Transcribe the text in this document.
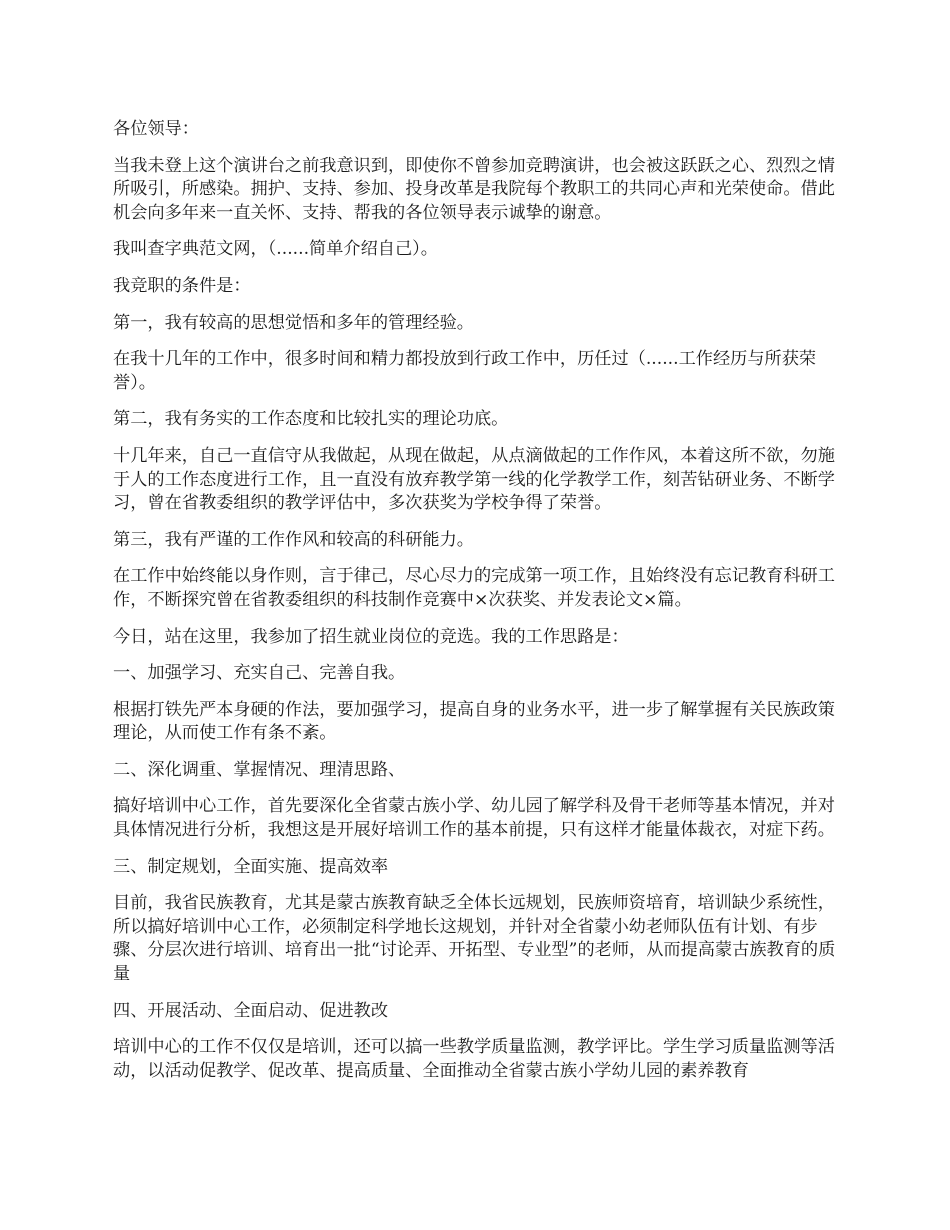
各位领导：

当我未登上这个演讲台之前我意识到，即使你不曾参加竞聘演讲，也会被这跃跃之心、烈烈之情所吸引，所感染。拥护、支持、参加、投身改革是我院每个教职工的共同心声和光荣使命。借此机会向多年来一直关怀、支持、帮我的各位领导表示诚挚的谢意。

我叫查字典范文网，（......简单介绍自己）。

我竞职的条件是：

第一，我有较高的思想觉悟和多年的管理经验。

在我十几年的工作中，很多时间和精力都投放到行政工作中，历任过（......工作经历与所获荣誉）。

第二，我有务实的工作态度和比较扎实的理论功底。

十几年来，自己一直信守从我做起，从现在做起，从点滴做起的工作作风，本着这所不欲，勿施于人的工作态度进行工作，且一直没有放弃教学第一线的化学教学工作，刻苦钻研业务、不断学习，曾在省教委组织的教学评估中，多次获奖为学校争得了荣誉。

第三，我有严谨的工作作风和较高的科研能力。

在工作中始终能以身作则，言于律己，尽心尽力的完成第一项工作，且始终没有忘记教育科研工作，不断探究曾在省教委组织的科技制作竞赛中×次获奖、并发表论文×篇。

今日，站在这里，我参加了招生就业岗位的竞选。我的工作思路是：

一、加强学习、充实自己、完善自我。

根据打铁先严本身硬的作法，要加强学习，提高自身的业务水平，进一步了解掌握有关民族政策理论，从而使工作有条不紊。

二、深化调重、掌握情况、理清思路、

搞好培训中心工作，首先要深化全省蒙古族小学、幼儿园了解学科及骨干老师等基本情况，并对具体情况进行分析，我想这是开展好培训工作的基本前提，只有这样才能量体裁衣，对症下药。

三、制定规划，全面实施、提高效率

目前，我省民族教育，尤其是蒙古族教育缺乏全体长远规划，民族师资培育，培训缺少系统性，所以搞好培训中心工作，必须制定科学地长这规划，并针对全省蒙小幼老师队伍有计划、有步骤、分层次进行培训、培育出一批“讨论弄、开拓型、专业型”的老师，从而提高蒙古族教育的质量

四、开展活动、全面启动、促进教改

培训中心的工作不仅仅是培训，还可以搞一些教学质量监测，教学评比。学生学习质量监测等活动，以活动促教学、促改革、提高质量、全面推动全省蒙古族小学幼儿园的素养教育
